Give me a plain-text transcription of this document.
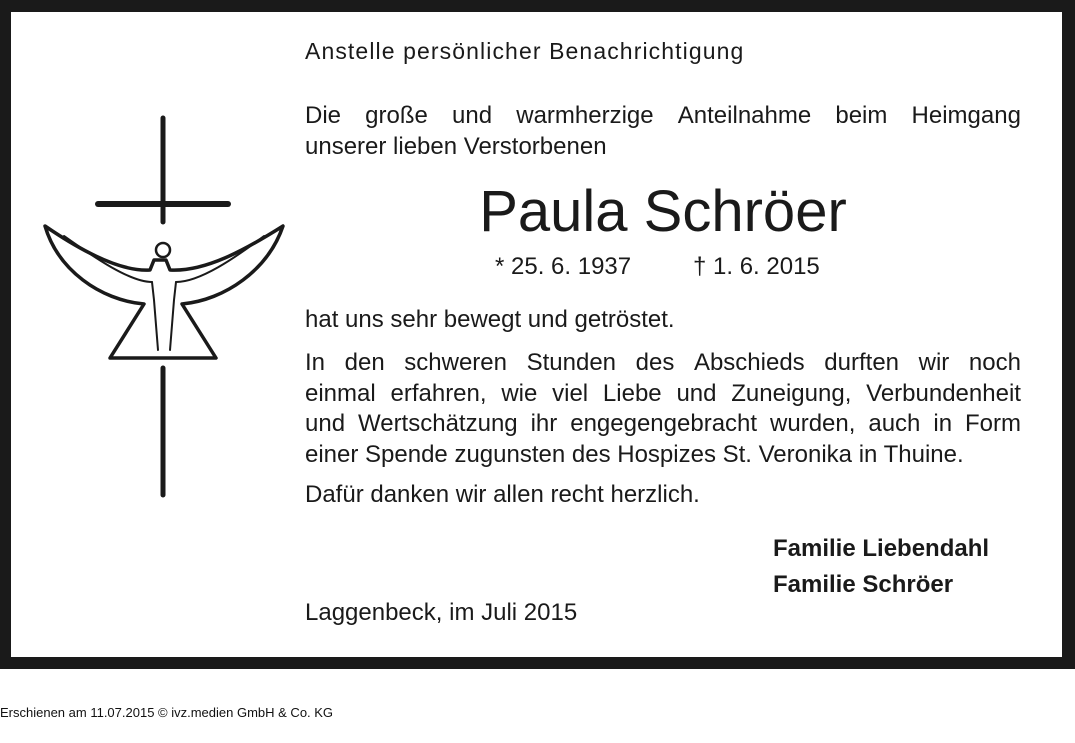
Anstelle persönlicher Benachrichtigung

Die große und warmherzige Anteilnahme beim Heimgang
unserer lieben Verstorbenen

Paula Schröer

* 25. 6. 1937	† 1. 6. 2015

hat uns sehr bewegt und getröstet.

In den schweren Stunden des Abschieds durften wir noch
einmal erfahren, wie viel Liebe und Zuneigung, Verbundenheit
und Wertschätzung ihr engegengebracht wurden, auch in Form
einer Spende zugunsten des Hospizes St. Veronika in Thuine.

Dafür danken wir allen recht herzlich.

Familie Liebendahl

Familie Schröer

Laggenbeck, im Juli 2015

Erschienen am 11.07.2015 © ivz.medien GmbH & Co. KG
